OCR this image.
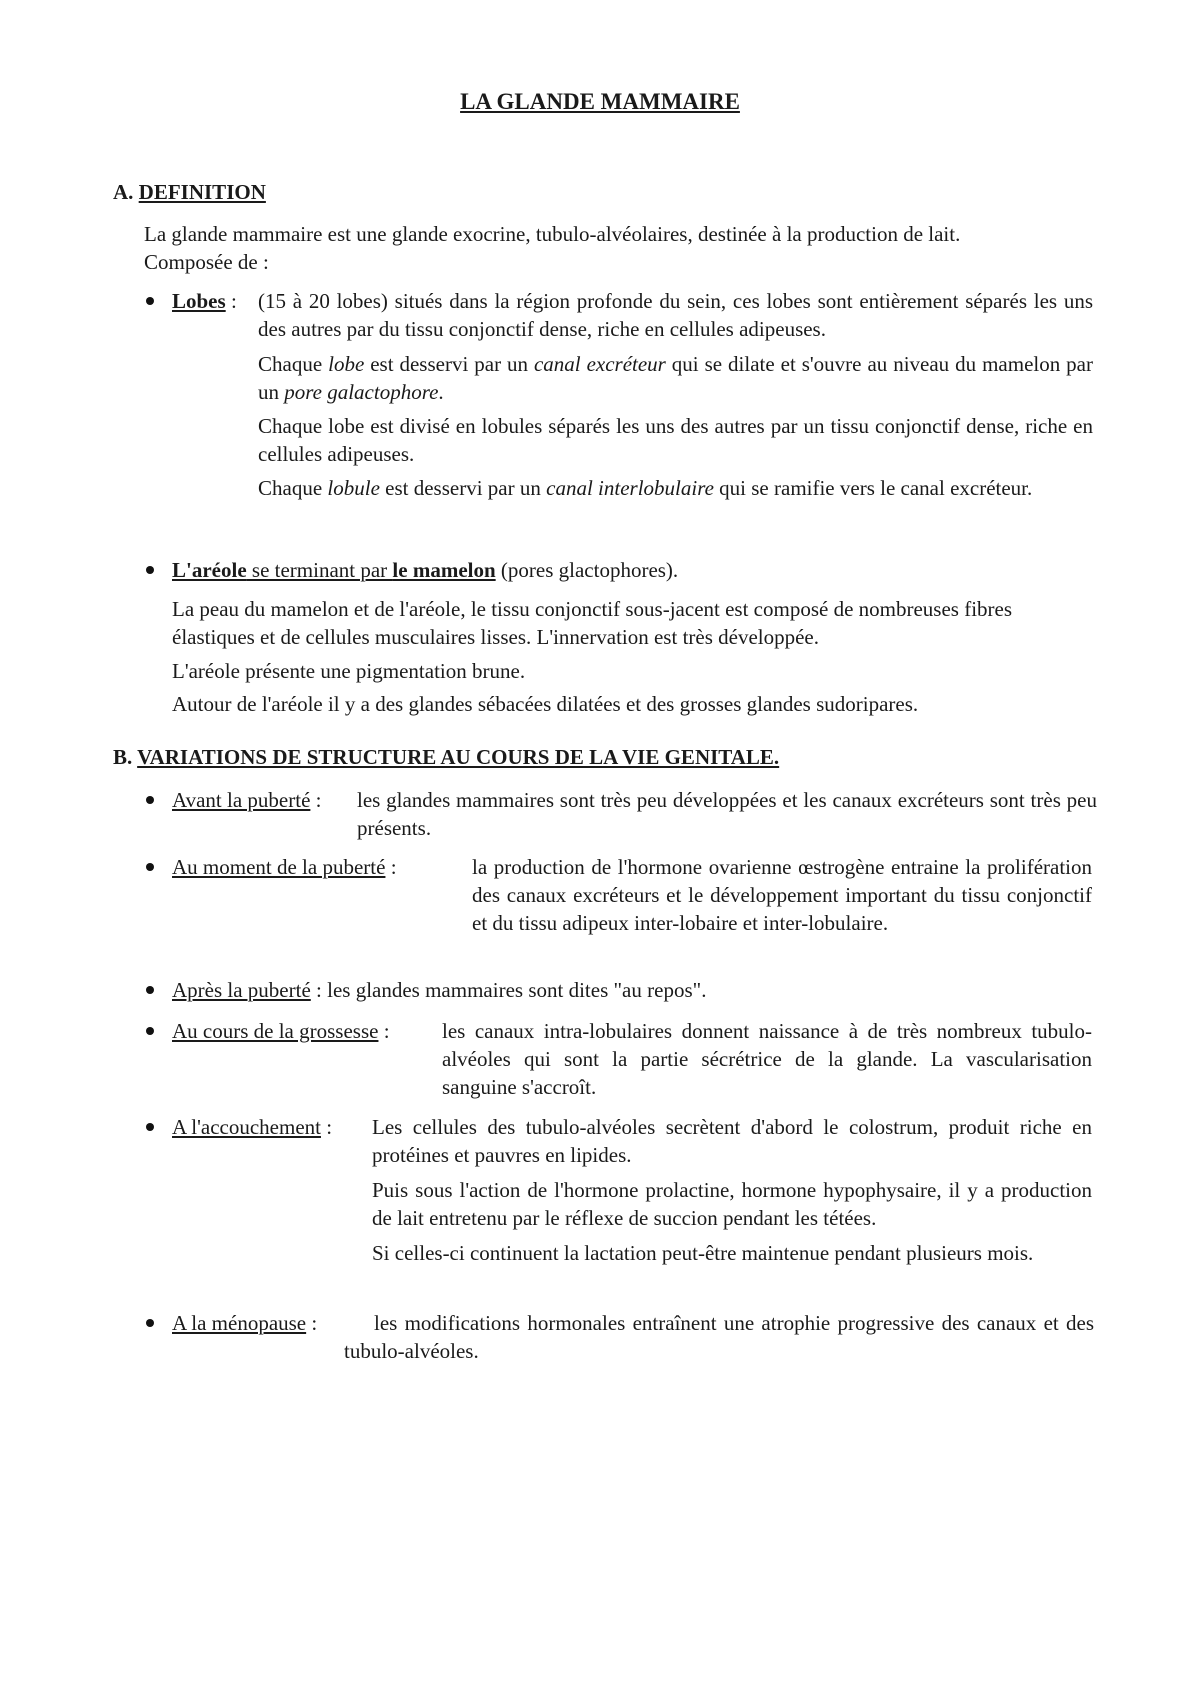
LA GLANDE MAMMAIRE
A. DEFINITION
La glande mammaire est une glande exocrine, tubulo-alvéolaires, destinée à la production de lait.
Composée de :
Lobes : (15 à 20 lobes) situés dans la région profonde du sein, ces lobes sont entièrement séparés les uns des autres par du tissu conjonctif dense, riche en cellules adipeuses.
Chaque lobe est desservi par un canal excréteur qui se dilate et s'ouvre au niveau du mamelon par un pore galactophore.
Chaque lobe est divisé en lobules séparés les uns des autres par un tissu conjonctif dense, riche en cellules adipeuses.
Chaque lobule est desservi par un canal interlobulaire qui se ramifie vers le canal excréteur.
L'aréole se terminant par le mamelon (pores glactophores).
La peau du mamelon et de l'aréole, le tissu conjonctif sous-jacent est composé de nombreuses fibres élastiques et de cellules musculaires lisses. L'innervation est très développée.
L'aréole présente une pigmentation brune.
Autour de l'aréole il y a des glandes sébacées dilatées et des grosses glandes sudoripares.
B. VARIATIONS DE STRUCTURE AU COURS DE LA VIE GENITALE.
Avant la puberté : les glandes mammaires sont très peu développées et les canaux excréteurs sont très peu présents.
Au moment de la puberté :	la production de l'hormone ovarienne œstrogène entraine la prolifération des canaux excréteurs et le développement important du tissu conjonctif et du tissu adipeux inter-lobaire et inter-lobulaire.
Après la puberté : les glandes mammaires sont dites "au repos".
Au cours de la grossesse : les canaux intra-lobulaires donnent naissance à de très nombreux tubulo-alvéoles qui sont la partie sécrétrice de la glande. La vascularisation sanguine s'accroît.
A l'accouchement : Les cellules des tubulo-alvéoles secrètent d'abord le colostrum, produit riche en protéines et pauvres en lipides.
Puis sous l'action de l'hormone prolactine, hormone hypophysaire, il y a production de lait entretenu par le réflexe de succion pendant les tétées.
Si celles-ci continuent la lactation peut-être maintenue pendant plusieurs mois.
A la ménopause :	les modifications hormonales entraînent une atrophie progressive des canaux et des tubulo-alvéoles.
